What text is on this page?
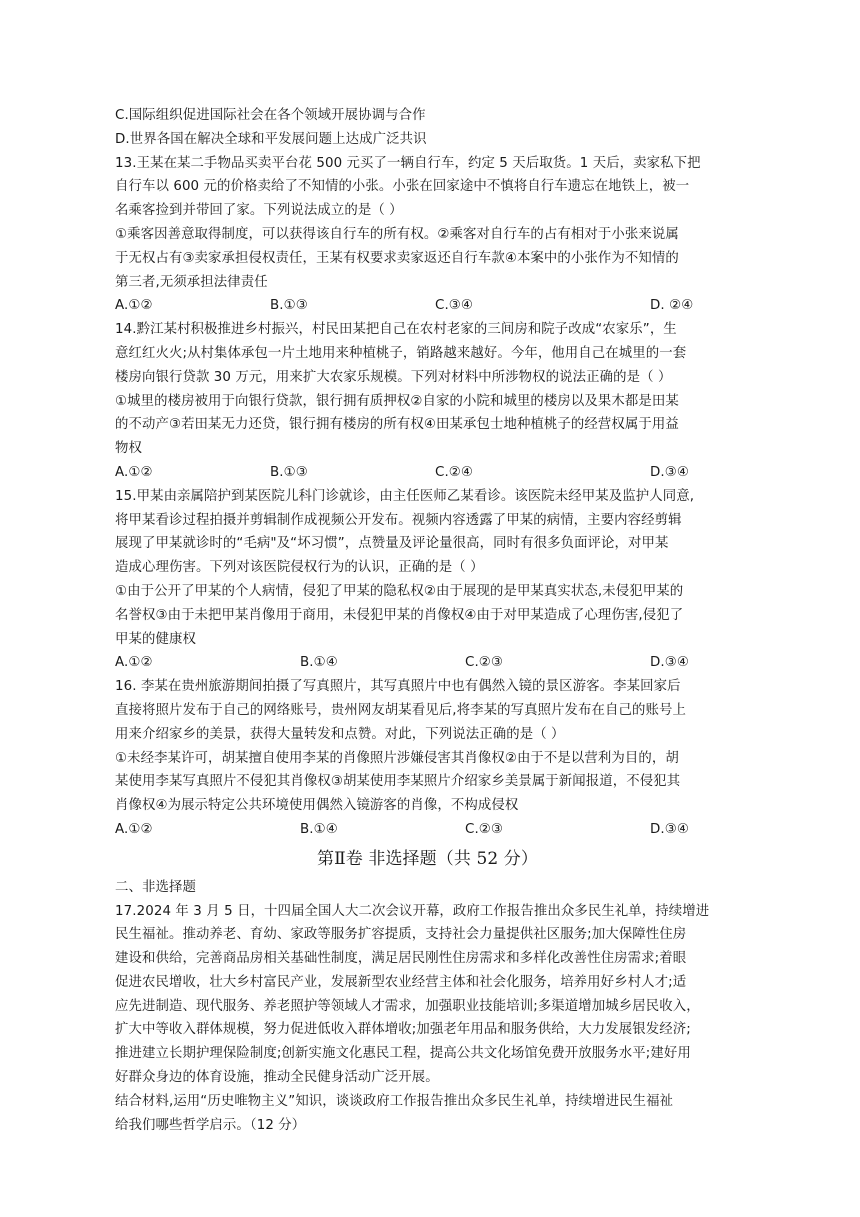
C.国际组织促进国际社会在各个领域开展协调与合作
D.世界各国在解决全球和平发展问题上达成广泛共识
13.王某在某二手物品买卖平台花 500 元买了一辆自行车，约定 5 天后取货。1 天后，卖家私下把
自行车以 600 元的价格卖给了不知情的小张。小张在回家途中不慎将自行车遗忘在地铁上，被一
名乘客捡到并带回了家。下列说法成立的是（ ）
①乘客因善意取得制度，可以获得该自行车的所有权。②乘客对自行车的占有相对于小张来说属
于无权占有③卖家承担侵权责任，王某有权要求卖家返还自行车款④本案中的小张作为不知情的
第三者,无须承担法律责任
A.①②	B.①③	C.③④	D. ②④
14.黔江某村积极推进乡村振兴，村民田某把自己在农村老家的三间房和院子改成“农家乐”，生
意红红火火;从村集体承包一片土地用来种植桃子，销路越来越好。今年，他用自己在城里的一套
楼房向银行贷款 30 万元，用来扩大农家乐规模。下列对材料中所涉物权的说法正确的是（ ）
①城里的楼房被用于向银行贷款，银行拥有质押权②自家的小院和城里的楼房以及果木都是田某
的不动产③若田某无力还贷，银行拥有楼房的所有权④田某承包士地种植桃子的经营权属于用益
物权
A.①②	B.①③	C.②④	D.③④
15.甲某由亲属陪护到某医院儿科门诊就诊，由主任医师乙某看诊。该医院未经甲某及监护人同意,
将甲某看诊过程拍摄并剪辑制作成视频公开发布。视频内容透露了甲某的病情，主要内容经剪辑
展现了甲某就诊时的“毛病"及“坏习惯”，点赞量及评论量很高，同时有很多负面评论，对甲某
造成心理伤害。下列对该医院侵权行为的认识，正确的是（ ）
①由于公开了甲某的个人病情，侵犯了甲某的隐私权②由于展现的是甲某真实状态,未侵犯甲某的
名誉权③由于未把甲某肖像用于商用，未侵犯甲某的肖像权④由于对甲某造成了心理伤害,侵犯了
甲某的健康权
A.①②	B.①④	C.②③	D.③④
16. 李某在贵州旅游期间拍摄了写真照片，其写真照片中也有偶然入镜的景区游客。李某回家后
直接将照片发布于自己的网络账号，贵州网友胡某看见后,将李某的写真照片发布在自己的账号上
用来介绍家乡的美景，获得大量转发和点赞。对此，下列说法正确的是（ ）
①未经李某许可，胡某擅自使用李某的肖像照片涉嫌侵害其肖像权②由于不是以营利为目的，胡
某使用李某写真照片不侵犯其肖像权③胡某使用李某照片介绍家乡美景属于新闻报道，不侵犯其
肖像权④为展示特定公共环境使用偶然入镜游客的肖像，不构成侵权
A.①②	B.①④	C.②③	D.③④
第Ⅱ卷 非选择题（共 52 分）
二、非选择题
17.2024 年 3 月 5 日，十四届全国人大二次会议开幕，政府工作报告推出众多民生礼单，持续增进
民生福祉。推动养老、育幼、家政等服务扩容提质，支持社会力量提供社区服务;加大保障性住房
建设和供给，完善商品房相关基础性制度，满足居民刚性住房需求和多样化改善性住房需求;着眼
促进农民增收，壮大乡村富民产业，发展新型农业经营主体和社会化服务，培养用好乡村人才;适
应先进制造、现代服务、养老照护等领域人才需求，加强职业技能培训;多渠道增加城乡居民收入，
扩大中等收入群体规模，努力促进低收入群体增收;加强老年用品和服务供给，大力发展银发经济;
推进建立长期护理保险制度;创新实施文化惠民工程，提高公共文化场馆免费开放服务水平;建好用
好群众身边的体育设施，推动全民健身活动广泛开展。
结合材料,运用“历史唯物主义”知识，谈谈政府工作报告推出众多民生礼单，持续增进民生福祉
给我们哪些哲学启示。（12 分）
